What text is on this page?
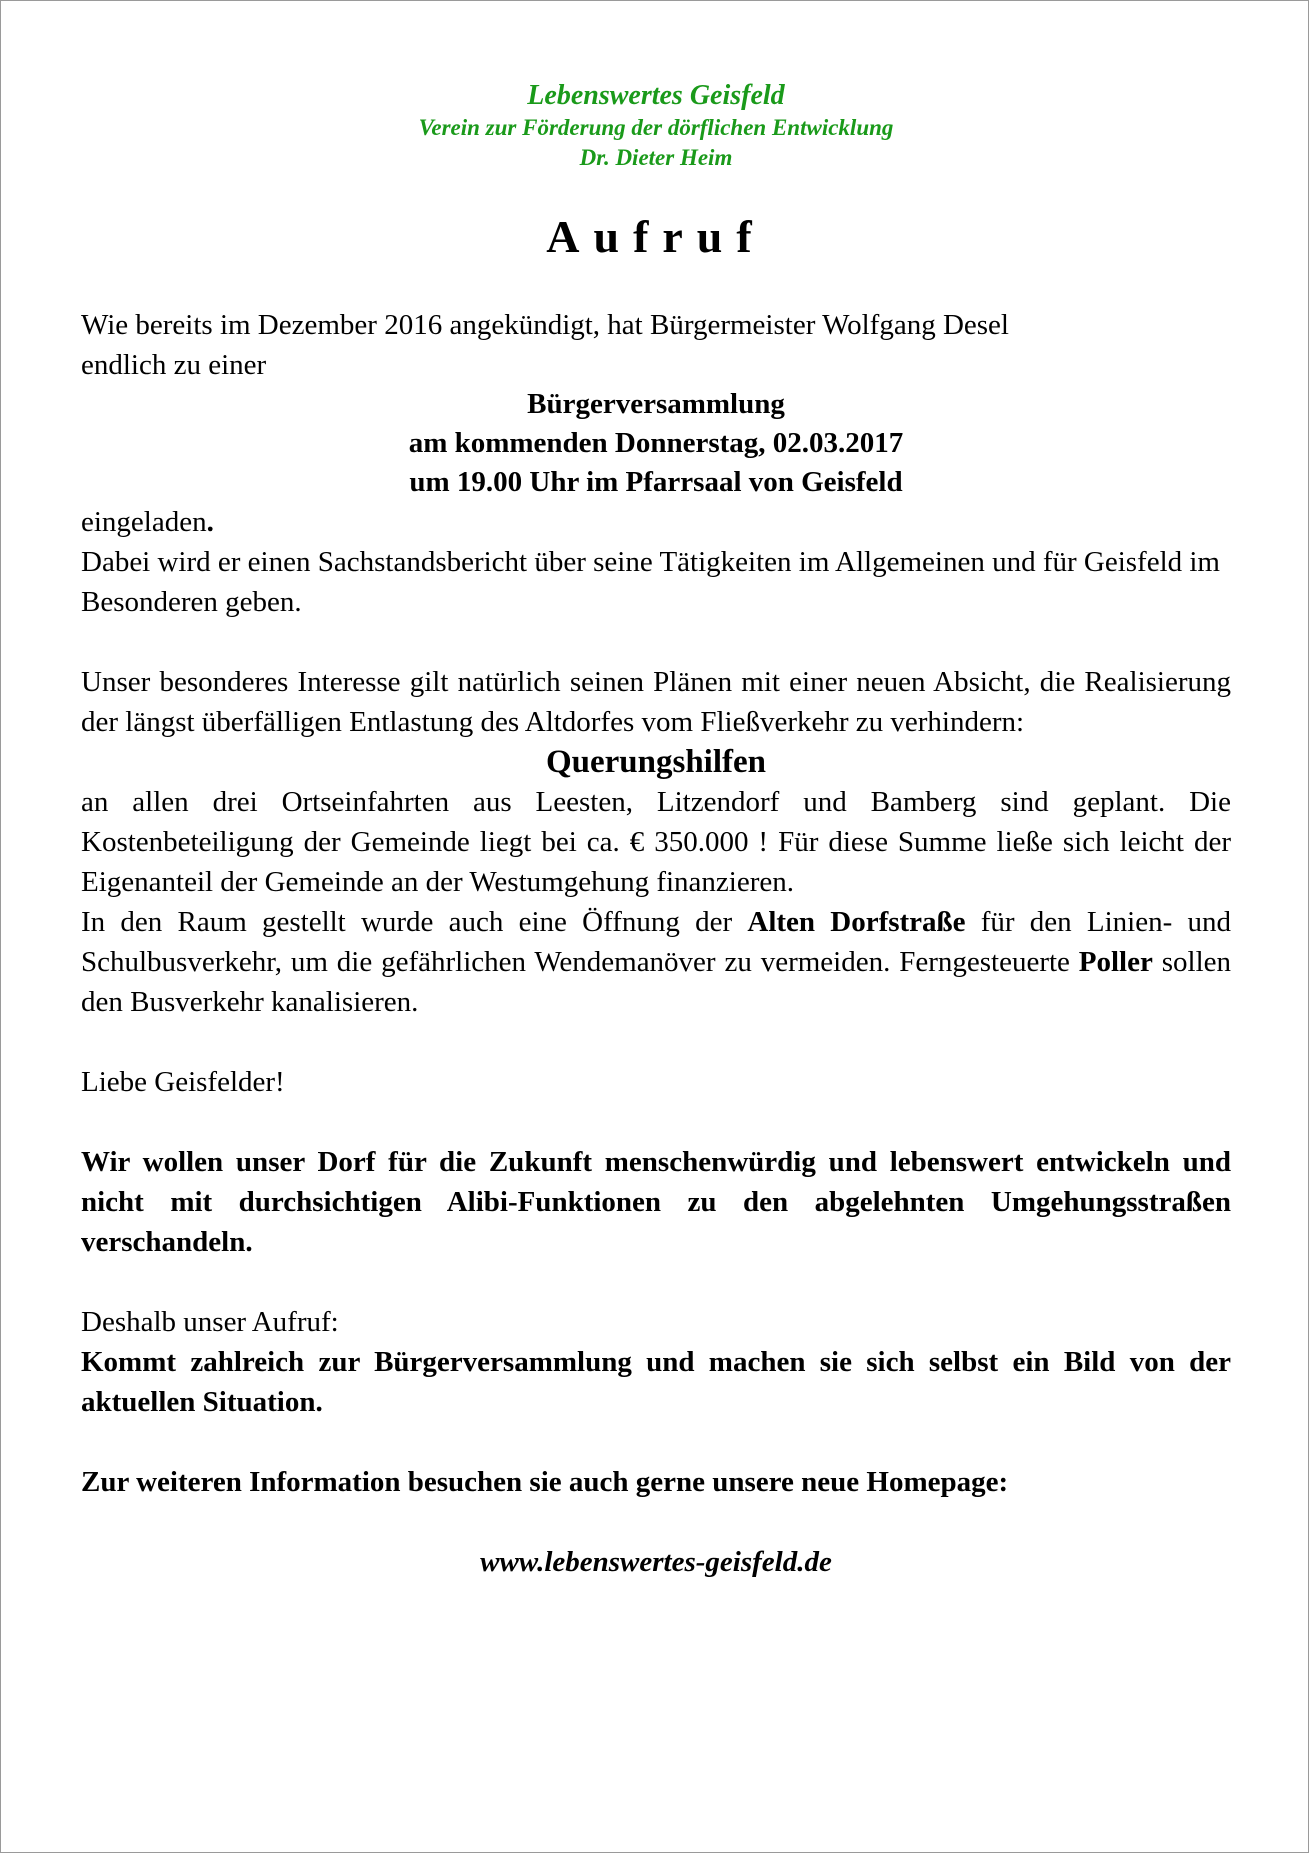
Lebenswertes Geisfeld
Verein zur Förderung der dörflichen Entwicklung
Dr. Dieter Heim
Aufruf

Wie bereits im Dezember 2016 angekündigt, hat Bürgermeister Wolfgang Desel

endlich zu einer

Bürgerversammlung

am kommenden Donnerstag, 02.03.2017

um 19.00 Uhr im Pfarrsaal von Geisfeld

eingeladen.

Dabei wird er einen Sachstandsbericht über seine Tätigkeiten im Allgemeinen und für Geisfeld im Besonderen geben.

Unser besonderes Interesse gilt natürlich seinen Plänen mit einer neuen Absicht, die Realisierung der längst überfälligen Entlastung des Altdorfes vom Fließverkehr zu verhindern:

Querungshilfen

an allen drei Ortseinfahrten aus Leesten, Litzendorf und Bamberg sind geplant. Die Kostenbeteiligung der Gemeinde liegt bei ca. € 350.000 ! Für diese Summe ließe sich leicht der Eigenanteil der Gemeinde an der Westumgehung finanzieren.

In den Raum gestellt wurde auch eine Öffnung der Alten Dorfstraße für den Linien- und Schulbusverkehr, um die gefährlichen Wendemanöver zu vermeiden. Ferngesteuerte Poller sollen den Busverkehr kanalisieren.

Liebe Geisfelder!

Wir wollen unser Dorf für die Zukunft menschenwürdig und lebenswert entwickeln und nicht mit durchsichtigen Alibi-Funktionen zu den abgelehnten Umgehungsstraßen verschandeln.

Deshalb unser Aufruf:

Kommt zahlreich zur Bürgerversammlung und machen sie sich selbst ein Bild von der aktuellen Situation.

Zur weiteren Information besuchen sie auch gerne unsere neue Homepage:

www.lebenswertes-geisfeld.de
